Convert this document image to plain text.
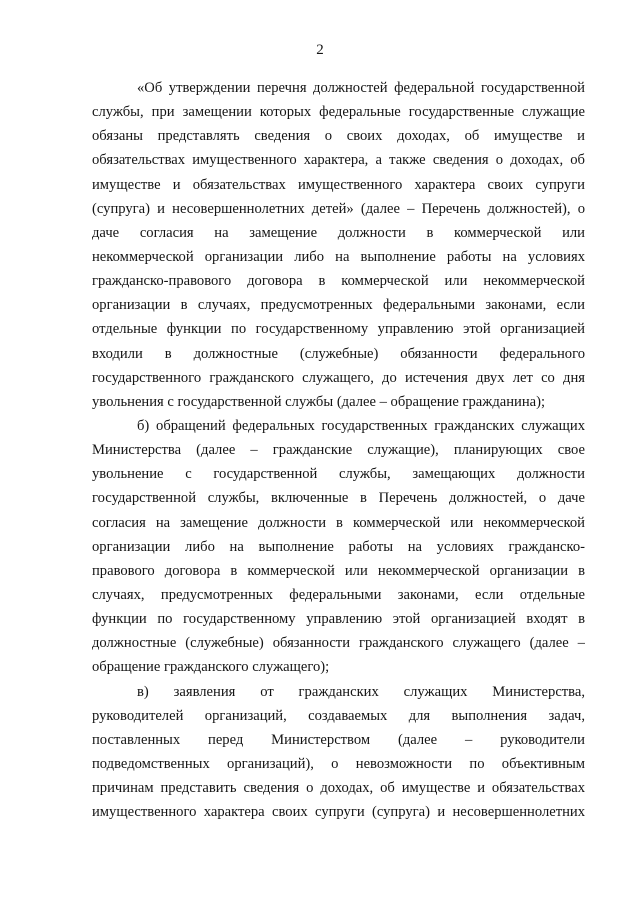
2
«Об утверждении перечня должностей федеральной государственной
службы, при замещении которых федеральные государственные служащие
обязаны представлять сведения о своих доходах, об имуществе и
обязательствах имущественного характера, а также сведения о доходах, об
имуществе и обязательствах имущественного характера своих супруги
(супруга) и несовершеннолетних детей» (далее – Перечень должностей), о
даче согласия на замещение должности в коммерческой или
некоммерческой организации либо на выполнение работы на условиях
гражданско-правового договора в коммерческой или некоммерческой
организации в случаях, предусмотренных федеральными законами, если
отдельные функции по государственному управлению этой организацией
входили в должностные (служебные) обязанности федерального
государственного гражданского служащего, до истечения двух лет со дня
увольнения с государственной службы (далее – обращение гражданина);
б) обращений федеральных государственных гражданских служащих
Министерства (далее – гражданские служащие), планирующих свое
увольнение с государственной службы, замещающих должности
государственной службы, включенные в Перечень должностей, о даче
согласия на замещение должности в коммерческой или некоммерческой
организации либо на выполнение работы на условиях гражданско-
правового договора в коммерческой или некоммерческой организации в
случаях, предусмотренных федеральными законами, если отдельные
функции по государственному управлению этой организацией входят в
должностные (служебные) обязанности гражданского служащего (далее –
обращение гражданского служащего);
в) заявления от гражданских служащих Министерства,
руководителей организаций, создаваемых для выполнения задач,
поставленных перед Министерством (далее – руководители
подведомственных организаций), о невозможности по объективным
причинам представить сведения о доходах, об имуществе и обязательствах
имущественного характера своих супруги (супруга) и несовершеннолетних
